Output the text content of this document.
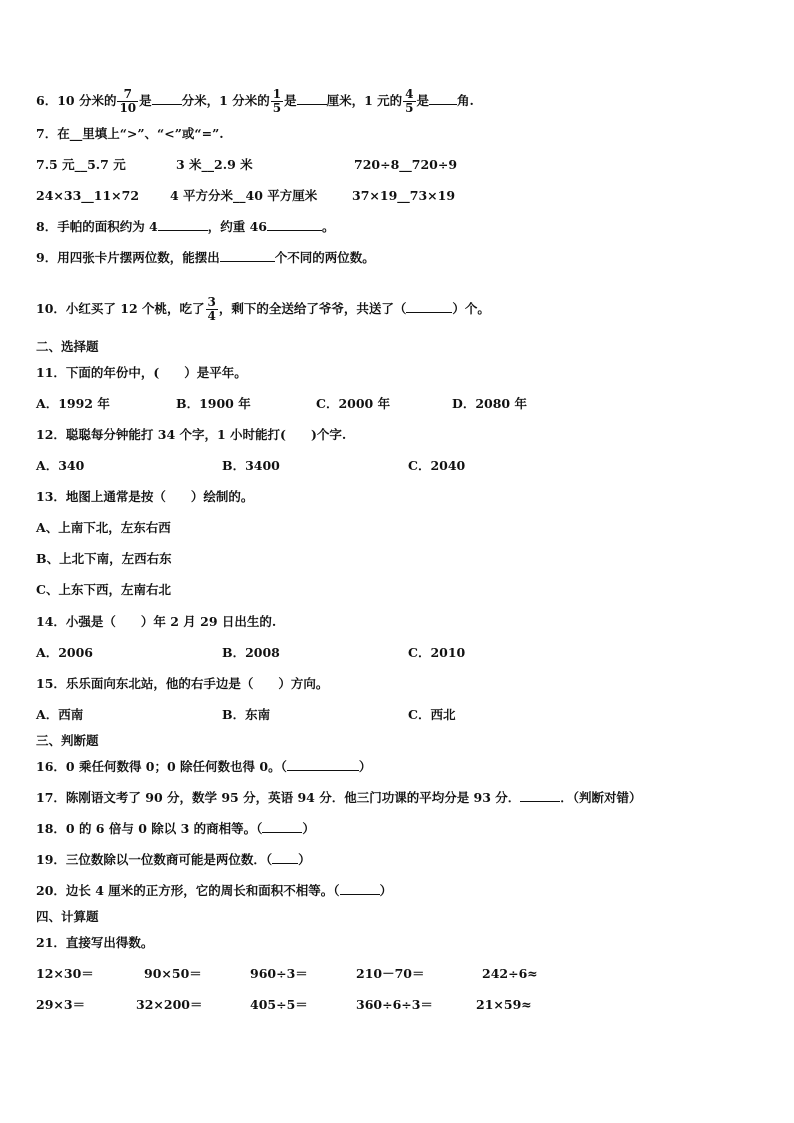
6．10 分米的 $\frac{7}{10}$ 是 分米，1 分米的 $\frac{1}{5}$ 是 厘米，1 元的 $\frac{4}{5}$ 是 角.
7．在__里填上“>”、“<”或“=”.
7.5 元__5.7 元	3 米__2.9 米	720÷8__720÷9
24×33__11×72 4 平方分米__40 平方厘米	37×19__73×19
8．手帕的面积约为 4	，约重 46	。
9．用四张卡片摆两位数，能摆出	个不同的两位数。
10．小红买了 12 个桃，吃了 $\frac{3}{4}$ ，剩下的全送给了爷爷，共送了（	）个。
二、选择题
11．下面的年份中，(　　）是平年。
A．1992 年	B．1900 年	C．2000 年	D．2080 年
12．聪聪每分钟能打 34 个字，1 小时能打(　　)个字.
A．340	B．3400	C．2040
13．地图上通常是按（　　）绘制的。
A、上南下北，左东右西
B、上北下南，左西右东
C、上东下西，左南右北
14．小强是（　　）年 2 月 29 日出生的.
A．2006	B．2008	C．2010
15．乐乐面向东北站，他的右手边是（　　）方向。
A．西南	B．东南	C．西北
三、判断题
16．0 乘任何数得 0；0 除任何数也得 0。（	）
17．陈刚语文考了 90 分，数学 95 分，英语 94 分．他三门功课的平均分是 93 分．	．（判断对错）
18．0 的 6 倍与 0 除以 3 的商相等。（	）
19．三位数除以一位数商可能是两位数．（ ）
20．边长 4 厘米的正方形，它的周长和面积不相等。（	）
四、计算题
21．直接写出得数。
12×30＝	90×50＝	960÷3＝	210－70＝	242÷6≈
29×3＝	32×200＝	405÷5＝	360÷6÷3＝	21×59≈
